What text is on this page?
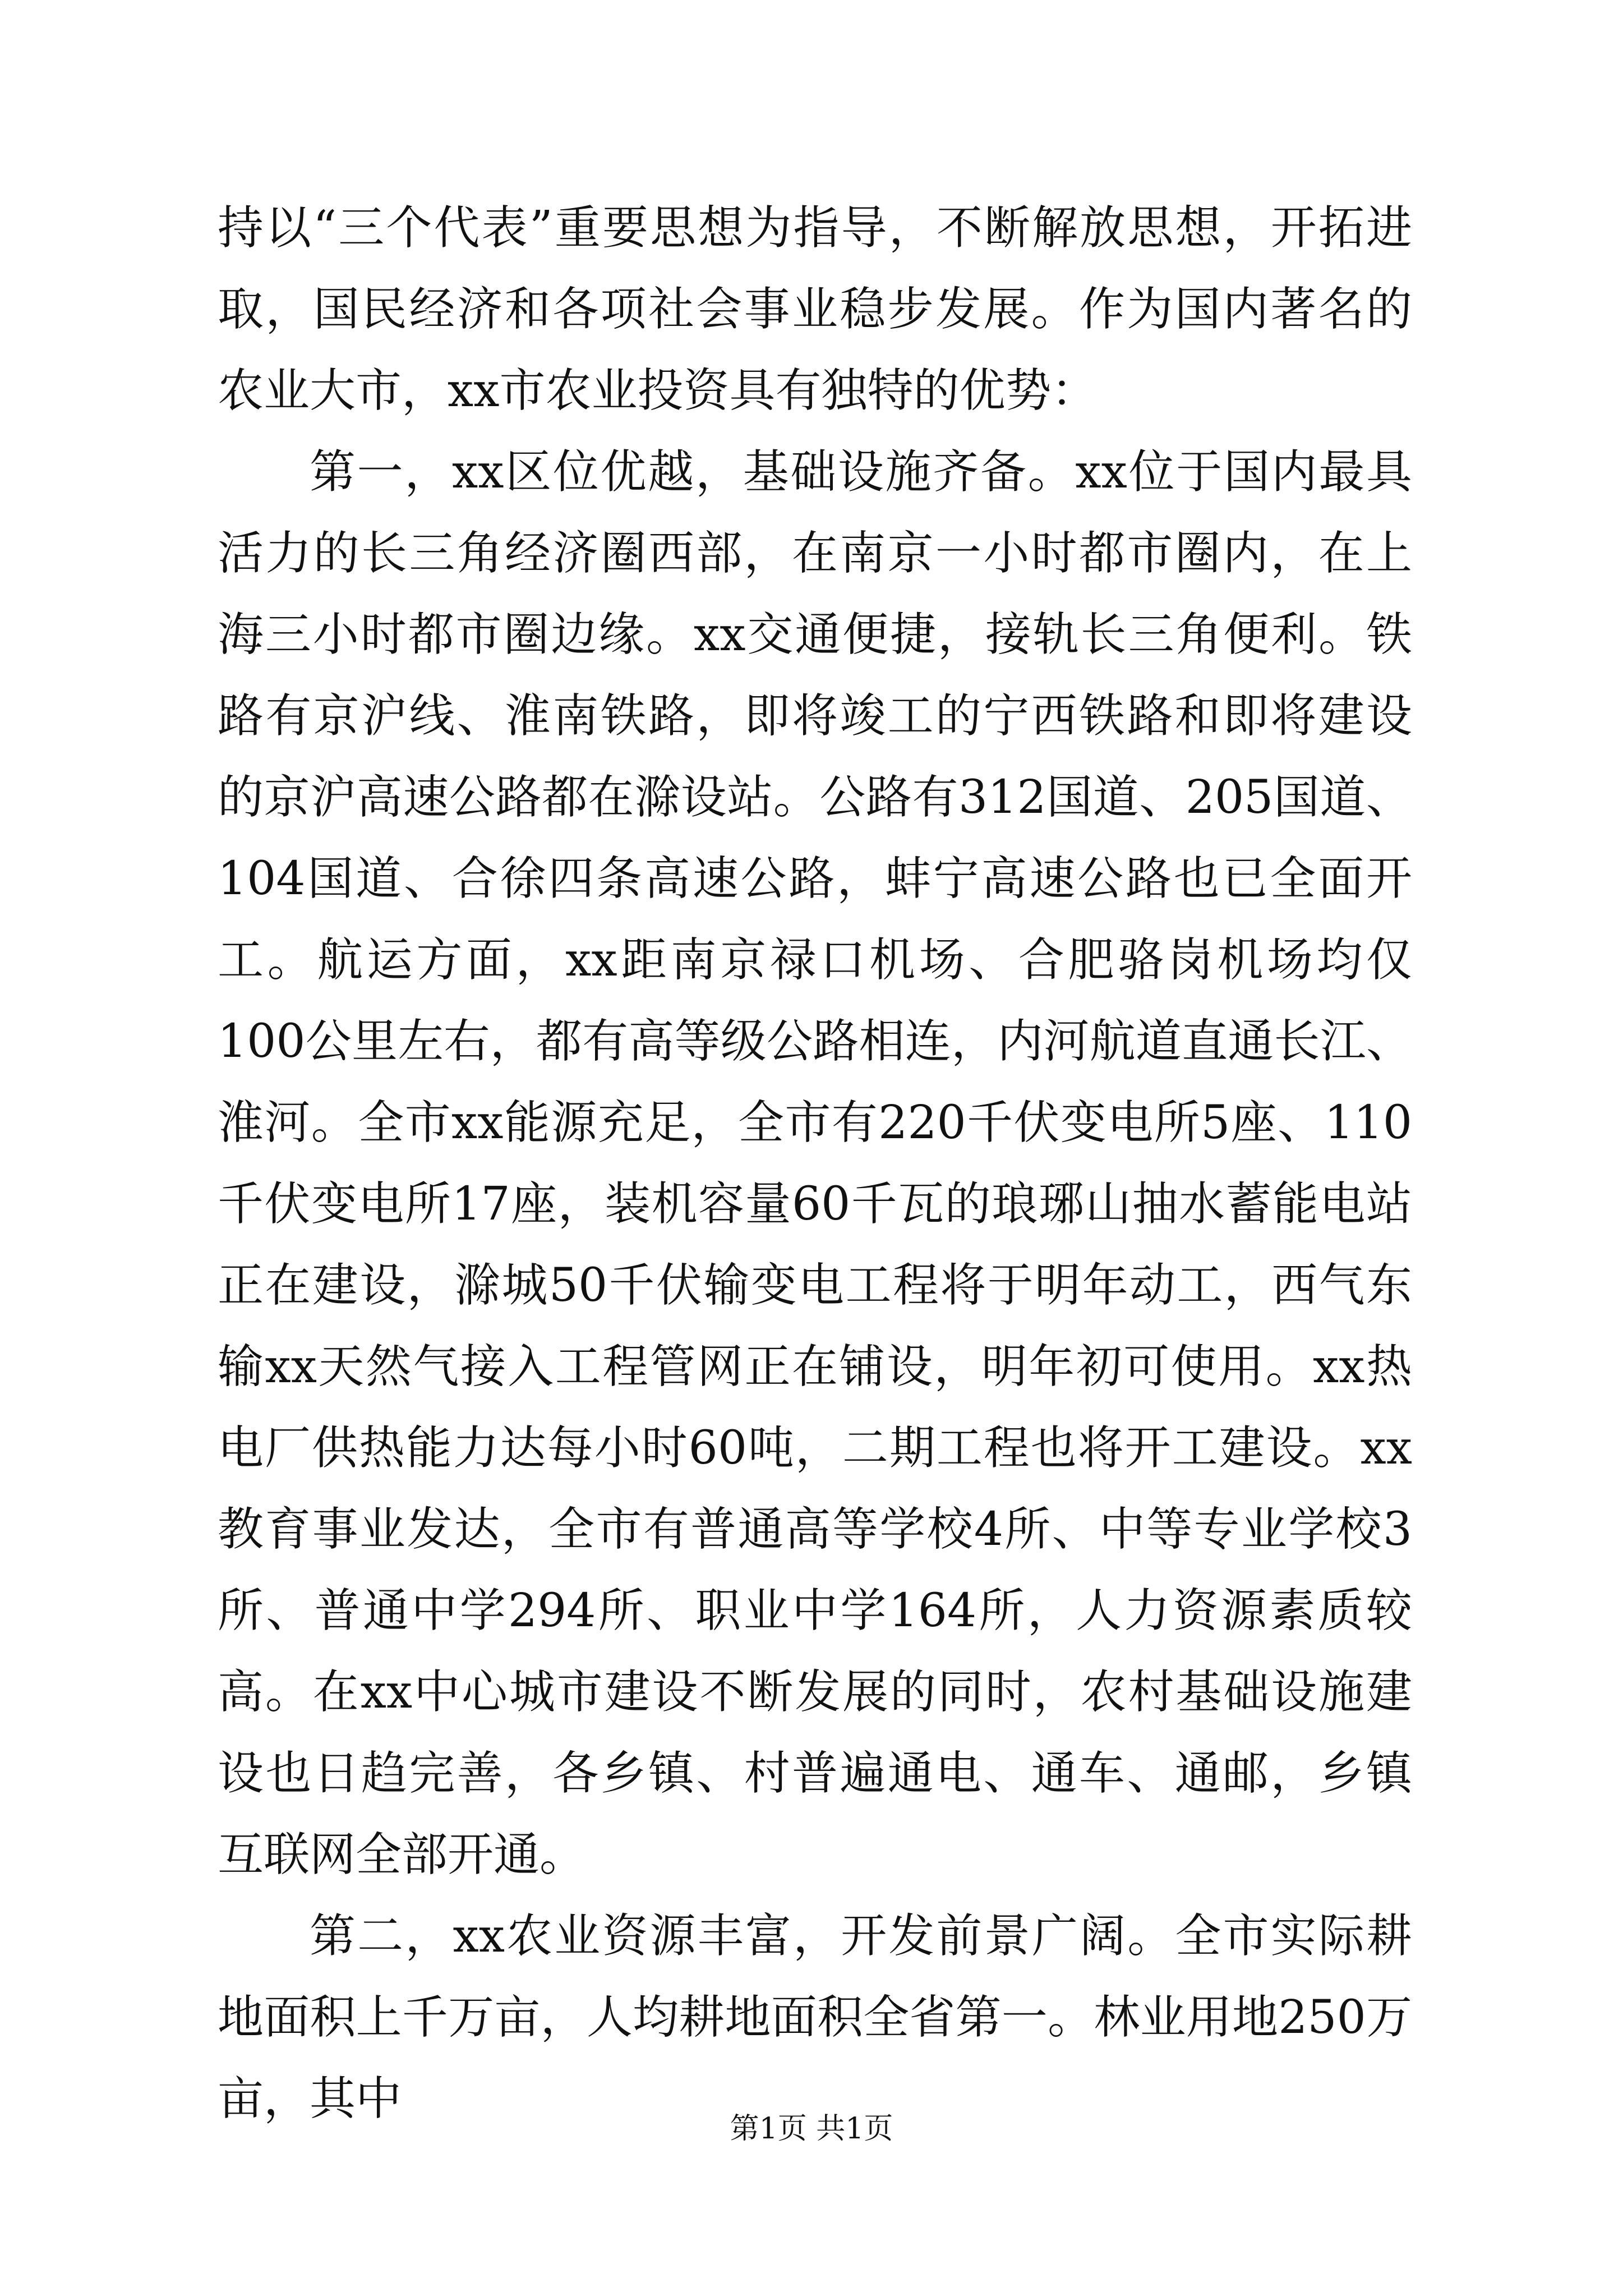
持以“三个代表”重要思想为指导，不断解放思想，开拓进取，国民经济和各项社会事业稳步发展。作为国内著名的农业大市，xx市农业投资具有独特的优势：

第一，xx区位优越，基础设施齐备。xx位于国内最具活力的长三角经济圈西部，在南京一小时都市圈内，在上海三小时都市圈边缘。xx交通便捷，接轨长三角便利。铁路有京沪线、淮南铁路，即将竣工的宁西铁路和即将建设的京沪高速公路都在滁设站。公路有312国道、205国道、104国道、合徐四条高速公路，蚌宁高速公路也已全面开工。航运方面，xx距南京禄口机场、合肥骆岗机场均仅100公里左右，都有高等级公路相连，内河航道直通长江、淮河。全市xx能源充足，全市有220千伏变电所5座、110千伏变电所17座，装机容量60千瓦的琅琊山抽水蓄能电站正在建设，滁城50千伏输变电工程将于明年动工，西气东输xx天然气接入工程管网正在铺设，明年初可使用。xx热电厂供热能力达每小时60吨，二期工程也将开工建设。xx教育事业发达，全市有普通高等学校4所、中等专业学校3所、普通中学294所、职业中学164所，人力资源素质较高。在xx中心城市建设不断发展的同时，农村基础设施建设也日趋完善，各乡镇、村普遍通电、通车、通邮，乡镇互联网全部开通。

第二，xx农业资源丰富，开发前景广阔。全市实际耕地面积上千万亩，人均耕地面积全省第一。林业用地250万亩，其中

第1页 共1页
